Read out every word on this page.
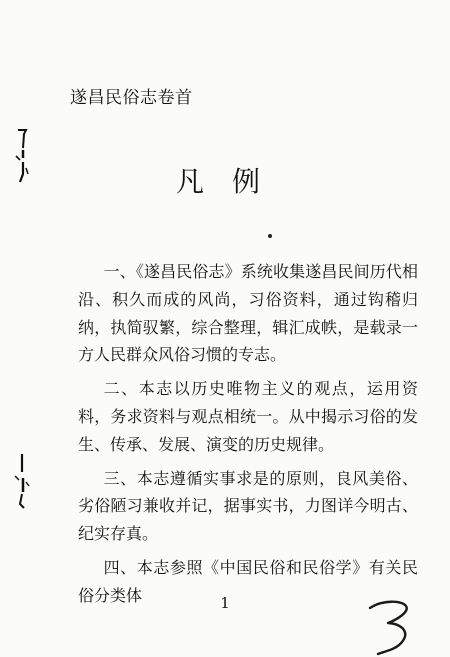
遂昌民俗志卷首
凡例

一、《遂昌民俗志》系统收集遂昌民间历代相沿、积久而成的风尚，习俗资料，通过钩稽归纳，执简驭繁，综合整理，辑汇成帙，是载录一方人民群众风俗习惯的专志。

二、本志以历史唯物主义的观点，运用资料，务求资料与观点相统一。从中揭示习俗的发生、传承、发展、演变的历史规律。

三、本志遵循实事求是的原则，良风美俗、劣俗陋习兼收并记，据事实书，力图详今明古、纪实存真。

四、本志参照《中国民俗和民俗学》有关民俗分类体	1
